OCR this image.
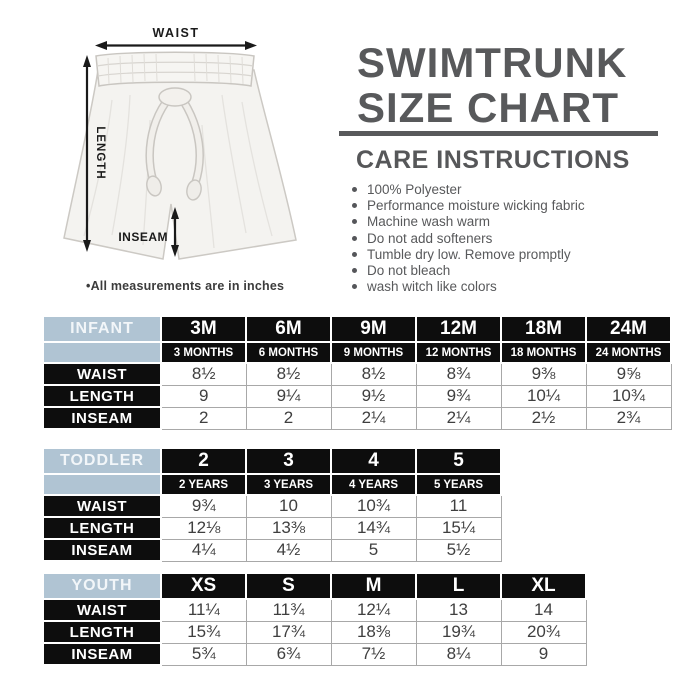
WAIST
LENGTH
INSEAM
•All measurements are in inches
SWIMTRUNK
SIZE CHART
CARE INSTRUCTIONS
100% Polyester
Performance moisture wicking fabric
Machine wash warm
Do not add softeners
Tumble dry low. Remove promptly
Do not bleach
wash witch like colors
INFANT	3M	6M	9M	12M	18M	24M
	3 MONTHS	6 MONTHS	9 MONTHS	12 MONTHS	18 MONTHS	24 MONTHS
WAIST	8½	8½	8½	8¾	9⅜	9⅝
LENGTH	9	9¼	9½	9¾	10¼	10¾
INSEAM	2	2	2¼	2¼	2½	2¾
TODDLER	2	3	4	5
	2 YEARS	3 YEARS	4 YEARS	5 YEARS
WAIST	9¾	10	10¾	11
LENGTH	12⅛	13⅜	14¾	15¼
INSEAM	4¼	4½	5	5½
YOUTH	XS	S	M	L	XL
WAIST	11¼	11¾	12¼	13	14
LENGTH	15¾	17¾	18⅜	19¾	20¾
INSEAM	5¾	6¾	7½	8¼	9
